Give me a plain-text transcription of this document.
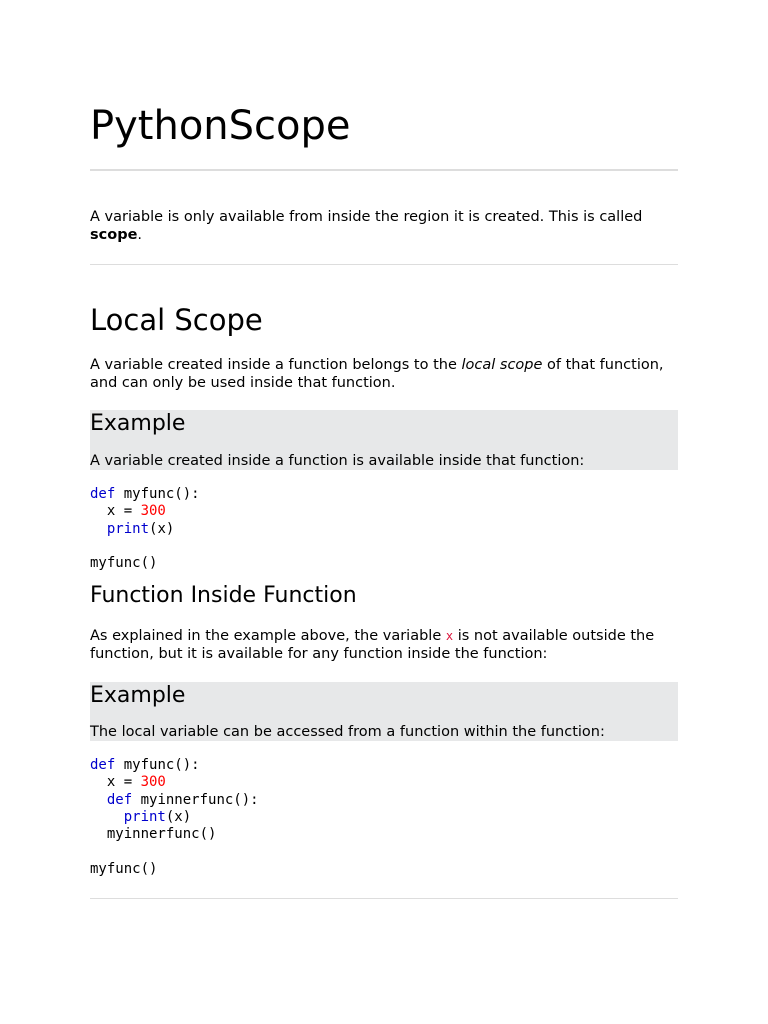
PythonScope

A variable is only available from inside the region it is created. This is called scope.

Local Scope

A variable created inside a function belongs to the local scope of that function, and can only be used inside that function.

Example

A variable created inside a function is available inside that function:

def myfunc():
x = 300
print(x)
myfunc()
Function Inside Function

As explained in the example above, the variable x is not available outside the function, but it is available for any function inside the function:

Example

The local variable can be accessed from a function within the function:

def myfunc():
x = 300
def myinnerfunc():
print(x)
myinnerfunc()
myfunc()
